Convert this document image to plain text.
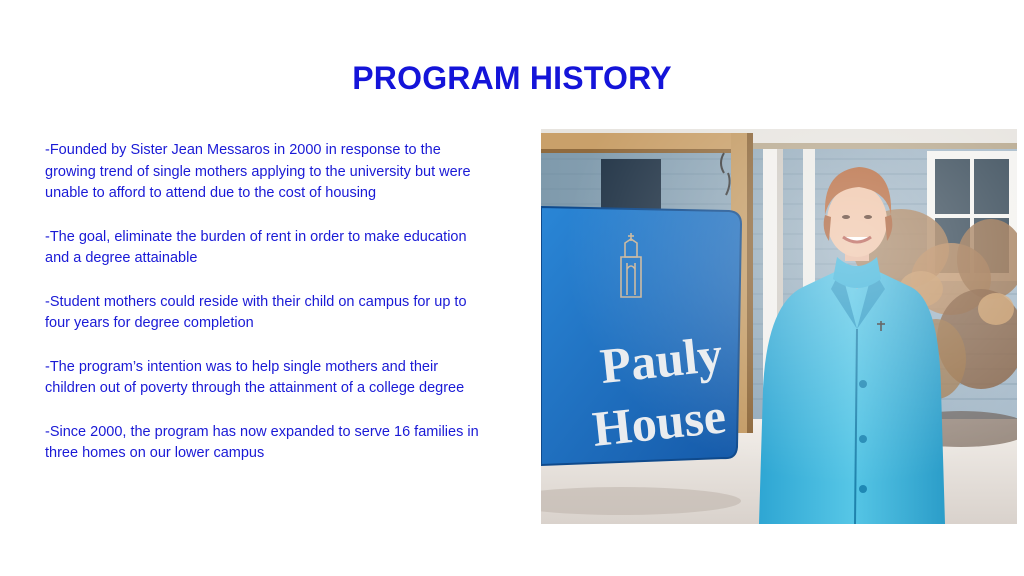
PROGRAM HISTORY
-Founded by Sister Jean Messaros in 2000 in response to the growing trend of single mothers applying to the university but were unable to afford to attend due to the cost of housing
-The goal, eliminate the burden of rent in order to make education and a degree attainable
-Student mothers could reside with their child on campus for up to four years for degree completion
-The program’s intention was to help single mothers and their children out of poverty through the attainment of a college degree
-Since 2000, the program has now expanded to serve 16 families in three homes on our lower campus
